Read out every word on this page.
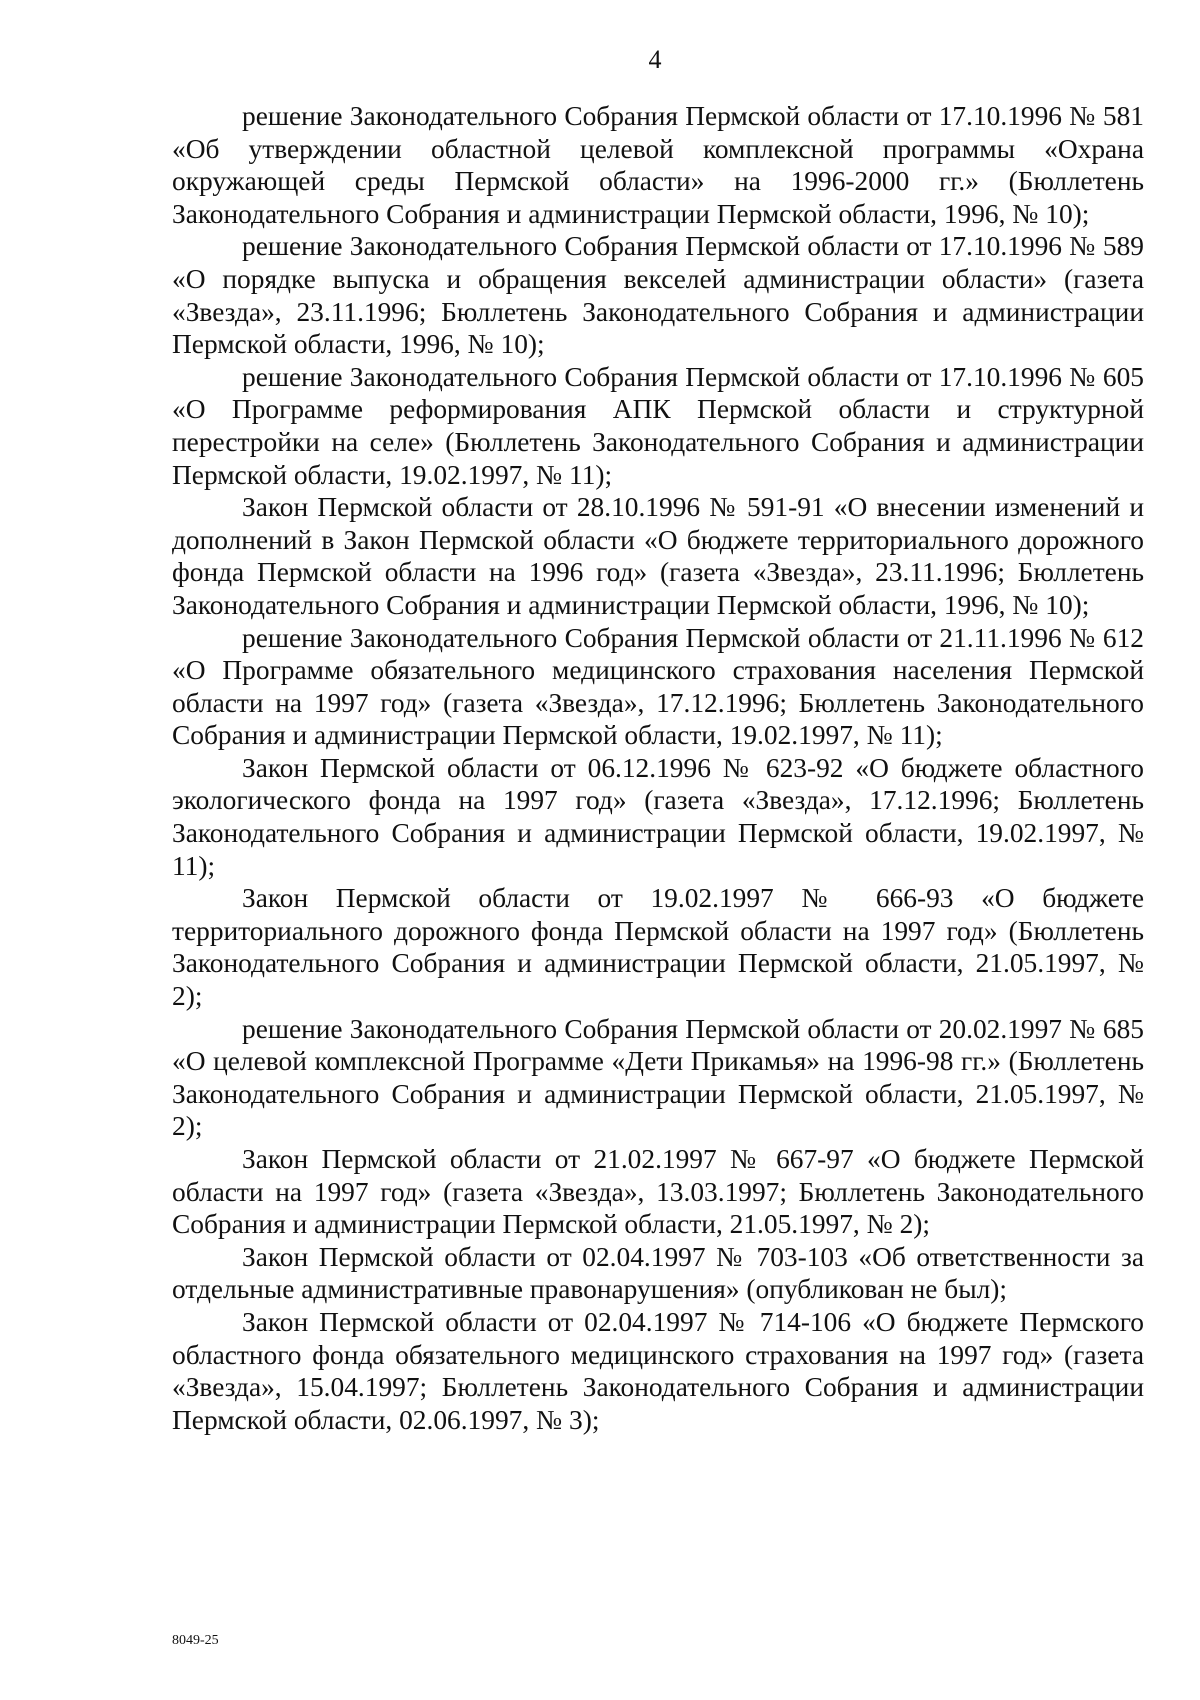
4

решение Законодательного Собрания Пермской области от 17.10.1996 № 581 «Об утверждении областной целевой комплексной программы «Охрана окружающей среды Пермской области» на 1996-2000 гг.» (Бюллетень Законодательного Собрания и администрации Пермской области, 1996, № 10);

решение Законодательного Собрания Пермской области от 17.10.1996 № 589 «О порядке выпуска и обращения векселей администрации области» (газета «Звезда», 23.11.1996; Бюллетень Законодательного Собрания и администрации Пермской области, 1996, № 10);

решение Законодательного Собрания Пермской области от 17.10.1996 № 605 «О Программе реформирования АПК Пермской области и структурной перестройки на селе» (Бюллетень Законодательного Собрания и администрации Пермской области, 19.02.1997, № 11);

Закон Пермской области от 28.10.1996 № 591-91 «О внесении изменений и дополнений в Закон Пермской области «О бюджете территориального дорожного фонда Пермской области на 1996 год» (газета «Звезда», 23.11.1996; Бюллетень Законодательного Собрания и администрации Пермской области, 1996, № 10);

решение Законодательного Собрания Пермской области от 21.11.1996 № 612 «О Программе обязательного медицинского страхования населения Пермской области на 1997 год» (газета «Звезда», 17.12.1996; Бюллетень Законодательного Собрания и администрации Пермской области, 19.02.1997, № 11);

Закон Пермской области от 06.12.1996 № 623-92 «О бюджете областного экологического фонда на 1997 год» (газета «Звезда», 17.12.1996; Бюллетень Законодательного Собрания и администрации Пермской области, 19.02.1997, № 11);

Закон Пермской области от 19.02.1997 № 666-93 «О бюджете территориального дорожного фонда Пермской области на 1997 год» (Бюллетень Законодательного Собрания и администрации Пермской области, 21.05.1997, № 2);

решение Законодательного Собрания Пермской области от 20.02.1997 № 685 «О целевой комплексной Программе «Дети Прикамья» на 1996-98 гг.» (Бюллетень Законодательного Собрания и администрации Пермской области, 21.05.1997, № 2);

Закон Пермской области от 21.02.1997 № 667-97 «О бюджете Пермской области на 1997 год» (газета «Звезда», 13.03.1997; Бюллетень Законодательного Собрания и администрации Пермской области, 21.05.1997, № 2);

Закон Пермской области от 02.04.1997 № 703-103 «Об ответственности за отдельные административные правонарушения» (опубликован не был);

Закон Пермской области от 02.04.1997 № 714-106 «О бюджете Пермского областного фонда обязательного медицинского страхования на 1997 год» (газета «Звезда», 15.04.1997; Бюллетень Законодательного Собрания и администрации Пермской области, 02.06.1997, № 3);

8049-25
